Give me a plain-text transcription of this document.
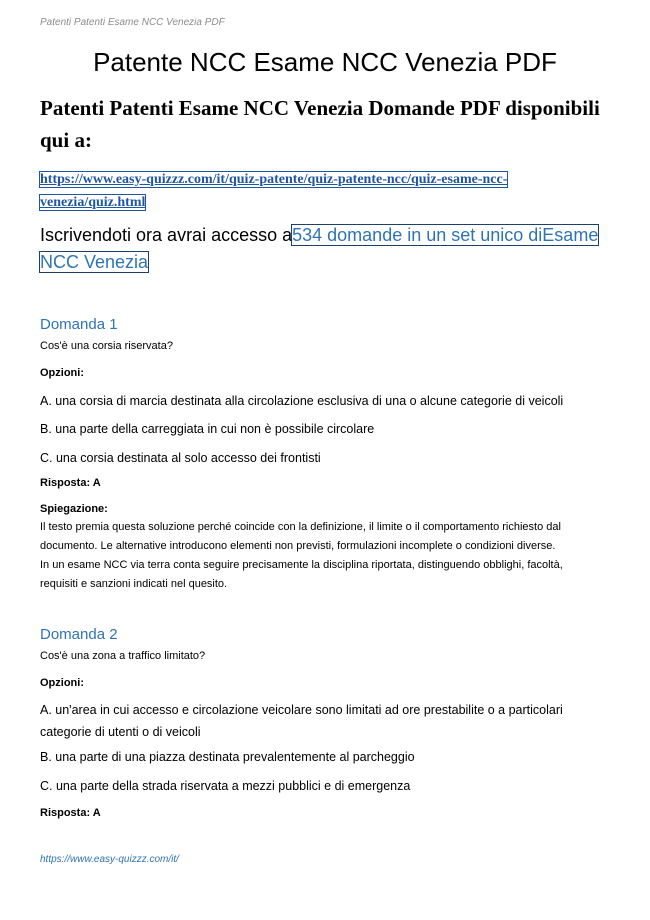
Patenti Patenti Esame NCC Venezia PDF
Patente NCC Esame NCC Venezia PDF
Patenti Patenti Esame NCC Venezia Domande PDF disponibili qui a:
https://www.easy-quizzz.com/it/quiz-patente/quiz-patente-ncc/quiz-esame-ncc-
venezia/quiz.html
Iscrivendoti ora avrai accesso a534 domande in un set unico diEsame
NCC Venezia
Domanda 1
Cos'è una corsia riservata?
Opzioni:
A. una corsia di marcia destinata alla circolazione esclusiva di una o alcune categorie di veicoli
B. una parte della carreggiata in cui non è possibile circolare
C. una corsia destinata al solo accesso dei frontisti
Risposta: A
Spiegazione:
Il testo premia questa soluzione perché coincide con la definizione, il limite o il comportamento richiesto dal
documento. Le alternative introducono elementi non previsti, formulazioni incomplete o condizioni diverse.
In un esame NCC via terra conta seguire precisamente la disciplina riportata, distinguendo obblighi, facoltà,
requisiti e sanzioni indicati nel quesito.
Domanda 2
Cos'è una zona a traffico limitato?
Opzioni:
A. un'area in cui accesso e circolazione veicolare sono limitati ad ore prestabilite o a particolari
categorie di utenti o di veicoli
B. una parte di una piazza destinata prevalentemente al parcheggio
C. una parte della strada riservata a mezzi pubblici e di emergenza
Risposta: A
https://www.easy-quizzz.com/it/
